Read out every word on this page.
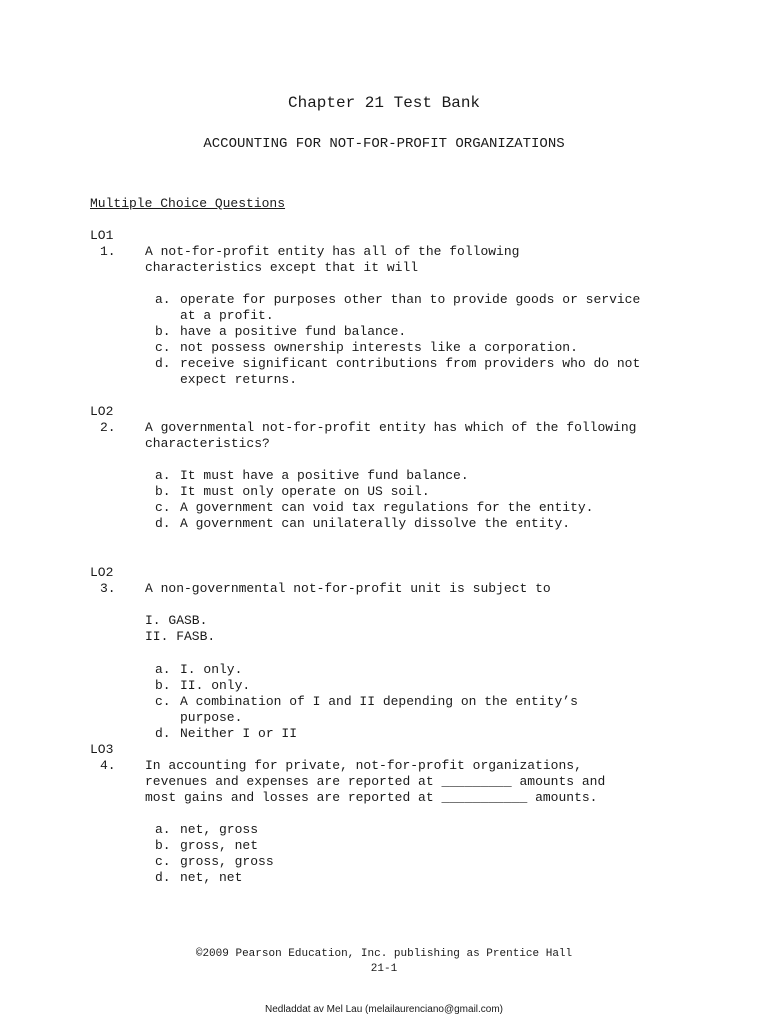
Chapter 21 Test Bank
ACCOUNTING FOR NOT-FOR-PROFIT ORGANIZATIONS
Multiple Choice Questions
LO1
1. A not-for-profit entity has all of the following
characteristics except that it will
a. operate for purposes other than to provide goods or service
at a profit.
b. have a positive fund balance.
c. not possess ownership interests like a corporation.
d. receive significant contributions from providers who do not
expect returns.
LO2
2. A governmental not-for-profit entity has which of the following
characteristics?
a. It must have a positive fund balance.
b. It must only operate on US soil.
c. A government can void tax regulations for the entity.
d. A government can unilaterally dissolve the entity.
LO2
3. A non-governmental not-for-profit unit is subject to
I. GASB.
II. FASB.
a. I. only.
b. II. only.
c. A combination of I and II depending on the entity’s
purpose.
d. Neither I or II
LO3
4. In accounting for private, not-for-profit organizations,
revenues and expenses are reported at _________ amounts and
most gains and losses are reported at ___________ amounts.
a. net, gross
b. gross, net
c. gross, gross
d. net, net
©2009 Pearson Education, Inc. publishing as Prentice Hall
21-1
Nedladdat av Mel Lau (melailaurenciano@gmail.com)
